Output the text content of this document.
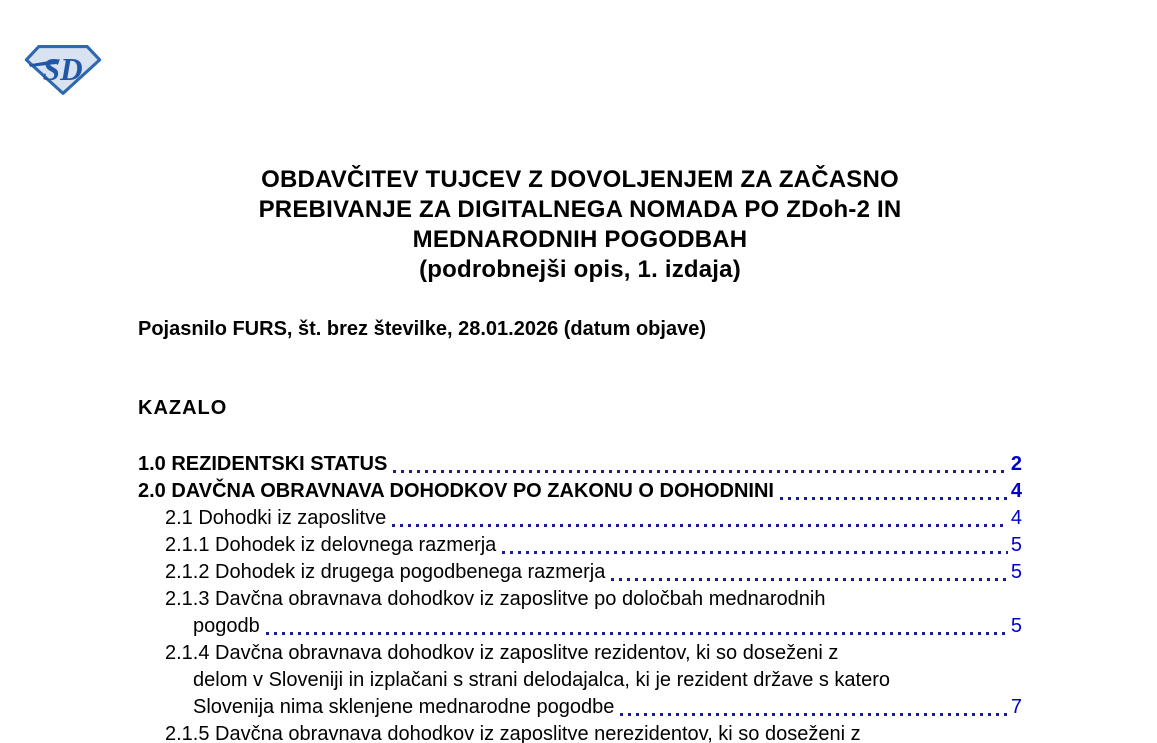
SD
OBDAVČITEV TUJCEV Z DOVOLJENJEM ZA ZAČASNO
PREBIVANJE ZA DIGITALNEGA NOMADA PO ZDoh-2 IN
MEDNARODNIH POGODBAH
(podrobnejši opis, 1. izdaja)
Pojasnilo FURS, št. brez številke, 28.01.2026 (datum objave)
KAZALO
1.0 REZIDENTSKI STATUS	2
2.0 DAVČNA OBRAVNAVA DOHODKOV PO ZAKONU O DOHODNINI	4
2.1 Dohodki iz zaposlitve	4
2.1.1 Dohodek iz delovnega razmerja	5
2.1.2 Dohodek iz drugega pogodbenega razmerja	5
2.1.3 Davčna obravnava dohodkov iz zaposlitve po določbah mednarodnih
pogodb	5
2.1.4 Davčna obravnava dohodkov iz zaposlitve rezidentov, ki so doseženi z
delom v Sloveniji in izplačani s strani delodajalca, ki je rezident države s katero
Slovenija nima sklenjene mednarodne pogodbe	7
2.1.5 Davčna obravnava dohodkov iz zaposlitve nerezidentov, ki so doseženi z
